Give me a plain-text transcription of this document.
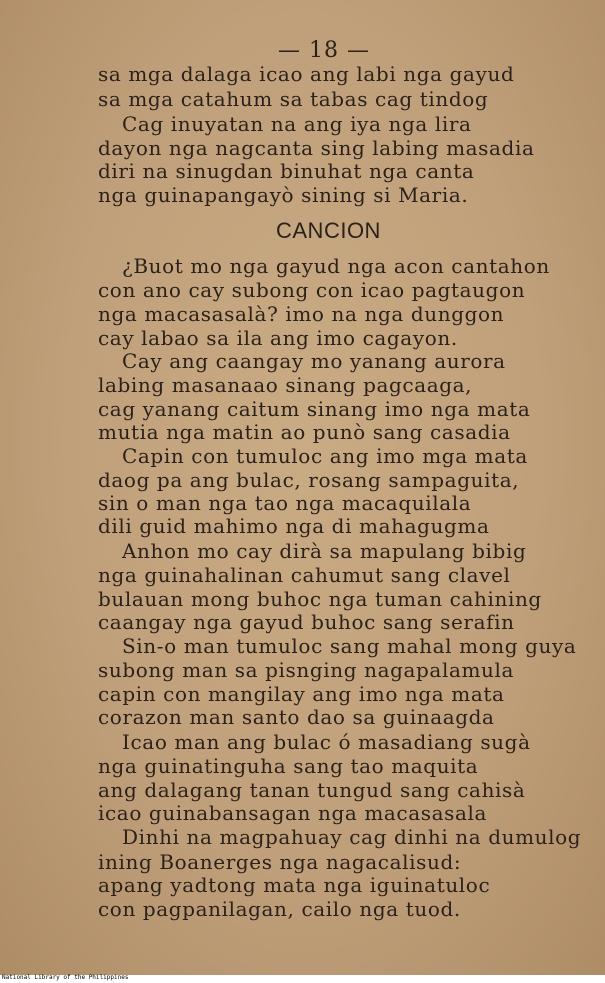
— 18 —
sa mga dalaga icao ang labi nga gayud
sa mga catahum sa tabas cag tindog
Cag inuyatan na ang iya nga lira
dayon nga nagcanta sing labing masadia
diri na sinugdan binuhat nga canta
nga guinapangayò sining si Maria.
CANCION
¿Buot mo nga gayud nga acon cantahon
con ano cay subong con icao pagtaugon
nga macasasalà? imo na nga dunggon
cay labao sa ila ang imo cagayon.
Cay ang caangay mo yanang aurora
labing masanaao sinang pagcaaga,
cag yanang caitum sinang imo nga mata
mutia nga matin ao punò sang casadia
Capin con tumuloc ang imo mga mata
daog pa ang bulac, rosang sampaguita,
sin o man nga tao nga macaquilala
dili guid mahimo nga di mahagugma
Anhon mo cay dirà sa mapulang bibig
nga guinahalinan cahumut sang clavel
bulauan mong buhoc nga tuman cahining
caangay nga gayud buhoc sang serafin
Sin-o man tumuloc sang mahal mong guya
subong man sa pisnging nagapalamula
capin con mangilay ang imo nga mata
corazon man santo dao sa guinaagda
Icao man ang bulac ó masadiang sugà
nga guinatinguha sang tao maquita
ang dalagang tanan tungud sang cahisà
icao guinabansagan nga macasasala
Dinhi na magpahuay cag dinhi na dumulog
ining Boanerges nga nagacalisud:
apang yadtong mata nga iguinatuloc
con pagpanilagan, cailo nga tuod.
National Library of the Philippines
